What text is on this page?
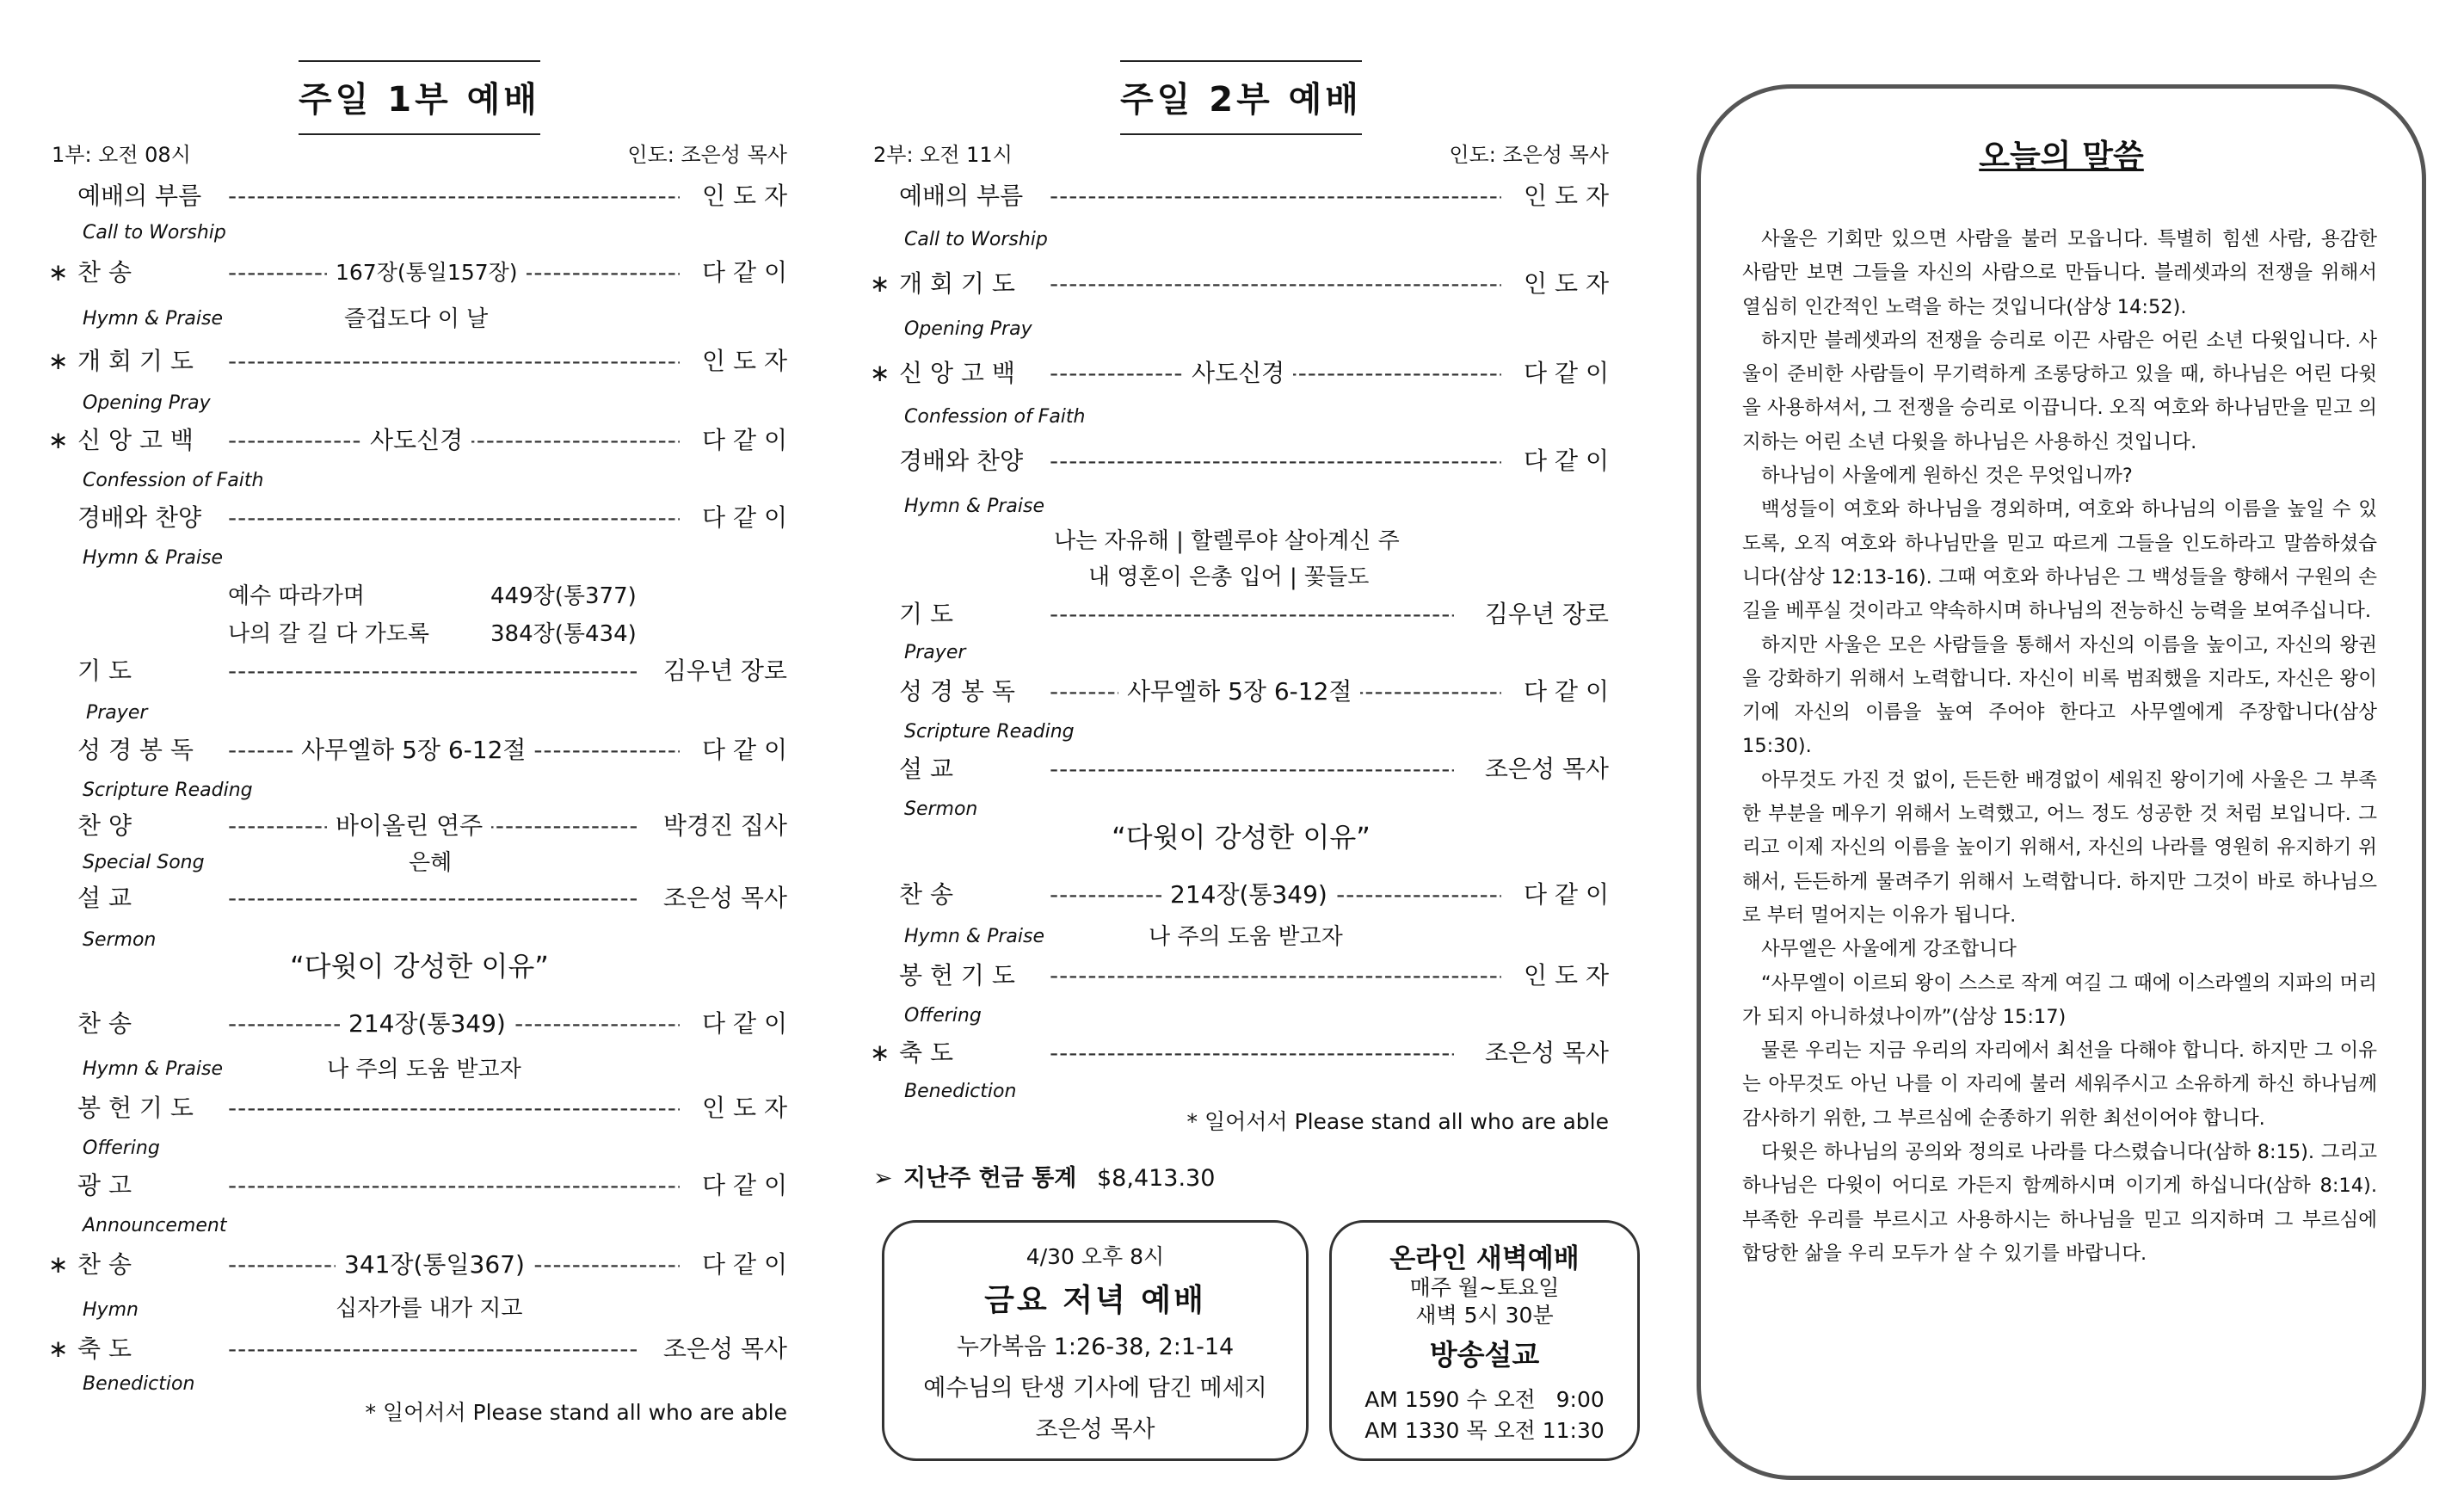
주일 1부 예배
1부: 오전 08시	인도: 조은성 목사
예배의 부름 -----	인 도 자
Call to Worship
∗ 찬 송 -----	167장(통일157장)	다 같 이
Hymn & Praise	즐겁도다 이 날
∗ 개 회 기 도 -----	인 도 자
Opening Pray
∗ 신 앙 고 백 -----	사도신경	다 같 이
Confession of Faith
경배와 찬양 -----	다 같 이
Hymn & Praise
예수 따라가며	449장(통377)
나의 갈 길 다 가도록	384장(통434)
기 도 -----	김우년 장로
Prayer
성 경 봉 독 -----	사무엘하 5장 6-12절	다 같 이
Scripture Reading
찬 양 -----	바이올린 연주	박경진 집사
Special Song	은혜
설 교 -----	조은성 목사
Sermon
“다윗이 강성한 이유”
찬 송 -----	214장(통349)	다 같 이
Hymn & Praise	나 주의 도움 받고자
봉 헌 기 도 -----	인 도 자
Offering
광 고 -----	다 같 이
Announcement
∗ 찬 송 -----	341장(통일367)	다 같 이
Hymn	십자가를 내가 지고
∗ 축 도 -----	조은성 목사
Benediction
* 일어서서 Please stand all who are able
주일 2부 예배
2부: 오전 11시	인도: 조은성 목사
예배의 부름 -----	인 도 자
Call to Worship
∗ 개 회 기 도 -----	인 도 자
Opening Pray
∗ 신 앙 고 백 -----	사도신경	다 같 이
Confession of Faith
경배와 찬양 -----	다 같 이
Hymn & Praise
나는 자유해 | 할렐루야 살아계신 주
내 영혼이 은총 입어 | 꽃들도
기 도 -----	김우년 장로
Prayer
성 경 봉 독 -----	사무엘하 5장 6-12절	다 같 이
Scripture Reading
설 교 -----	조은성 목사
Sermon
“다윗이 강성한 이유”
찬 송 -----	214장(통349)	다 같 이
Hymn & Praise	나 주의 도움 받고자
봉 헌 기 도 -----	인 도 자
Offering
∗ 축 도 -----	조은성 목사
Benediction
* 일어서서 Please stand all who are able
➢ 지난주 헌금 통계 $8,413.30
4/30 오후 8시
금요 저녁 예배
누가복음 1:26-38, 2:1-14
예수님의 탄생 기사에 담긴 메세지
조은성 목사
온라인 새벽예배
매주 월~토요일
새벽 5시 30분
방송설교
AM 1590 수 오전   9:00
AM 1330 목 오전 11:30
오늘의 말씀

사울은 기회만 있으면 사람을 불러 모읍니다. 특별히 힘센 사람, 용감한 사람만 보면 그들을 자신의 사람으로 만듭니다. 블레셋과의 전쟁을 위해서 열심히 인간적인 노력을 하는 것입니다(삼상 14:52).

하지만 블레셋과의 전쟁을 승리로 이끈 사람은 어린 소년 다윗입니다. 사울이 준비한 사람들이 무기력하게 조롱당하고 있을 때, 하나님은 어린 다윗을 사용하셔서, 그 전쟁을 승리로 이끕니다. 오직 여호와 하나님만을 믿고 의지하는 어린 소년 다윗을 하나님은 사용하신 것입니다.

하나님이 사울에게 원하신 것은 무엇입니까?

백성들이 여호와 하나님을 경외하며, 여호와 하나님의 이름을 높일 수 있도록, 오직 여호와 하나님만을 믿고 따르게 그들을 인도하라고 말씀하셨습니다(삼상 12:13-16). 그때 여호와 하나님은 그 백성들을 향해서 구원의 손길을 베푸실 것이라고 약속하시며 하나님의 전능하신 능력을 보여주십니다.

하지만 사울은 모은 사람들을 통해서 자신의 이름을 높이고, 자신의 왕권을 강화하기 위해서 노력합니다. 자신이 비록 범죄했을 지라도, 자신은 왕이기에 자신의 이름을 높여 주어야 한다고 사무엘에게 주장합니다(삼상 15:30).

아무것도 가진 것 없이, 든든한 배경없이 세워진 왕이기에 사울은 그 부족한 부분을 메우기 위해서 노력했고, 어느 정도 성공한 것 처럼 보입니다. 그리고 이제 자신의 이름을 높이기 위해서, 자신의 나라를 영원히 유지하기 위해서, 든든하게 물려주기 위해서 노력합니다. 하지만 그것이 바로 하나님으로 부터 멀어지는 이유가 됩니다.

사무엘은 사울에게 강조합니다

“사무엘이 이르되 왕이 스스로 작게 여길 그 때에 이스라엘의 지파의 머리가 되지 아니하셨나이까”(삼상 15:17)

물론 우리는 지금 우리의 자리에서 최선을 다해야 합니다. 하지만 그 이유는 아무것도 아닌 나를 이 자리에 불러 세워주시고 소유하게 하신 하나님께 감사하기 위한, 그 부르심에 순종하기 위한 최선이어야 합니다.

다윗은 하나님의 공의와 정의로 나라를 다스렸습니다(삼하 8:15). 그리고 하나님은 다윗이 어디로 가든지 함께하시며 이기게 하십니다(삼하 8:14). 부족한 우리를 부르시고 사용하시는 하나님을 믿고 의지하며 그 부르심에 합당한 삶을 우리 모두가 살 수 있기를 바랍니다.
